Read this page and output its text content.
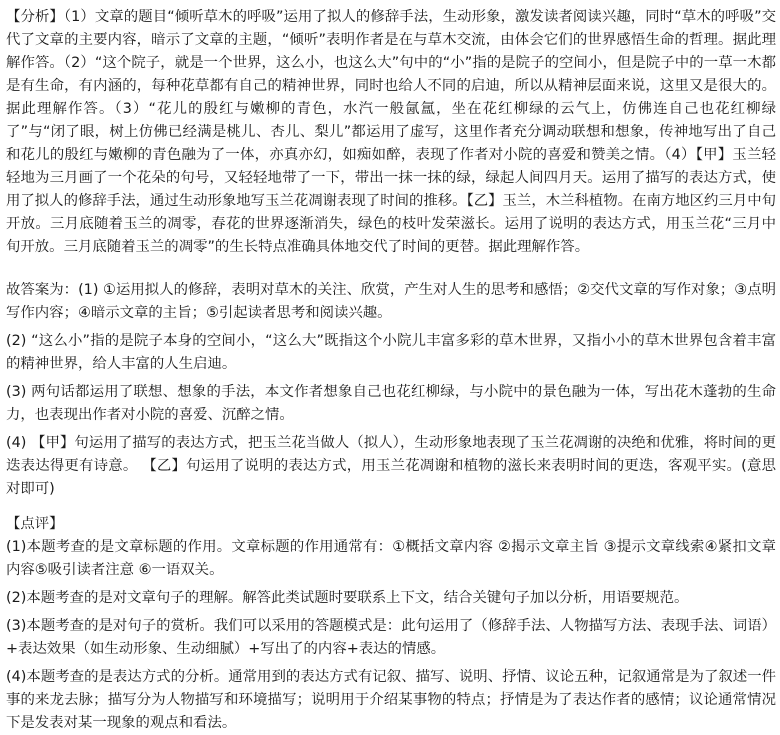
【分析】（1）文章的题目“倾听草木的呼吸”运用了拟人的修辞手法，生动形象，激发读者阅读兴趣，同时“草木的呼吸”交代了文章的主要内容，暗示了文章的主题，“倾听”表明作者是在与草木交流，由体会它们的世界感悟生命的哲理。据此理解作答。（2）“这个院子，就是一个世界，这么小，也这么大”句中的“小”指的是院子的空间小，但是院子中的一草一木都是有生命，有内涵的，每种花草都有自己的精神世界，同时也给人不同的启迪，所以从精神层面来说，这里又是很大的。据此理解作答。（3）“花儿的殷红与嫩柳的青色，水汽一般氤氲，坐在花红柳绿的云气上，仿佛连自己也花红柳绿了”与“闭了眼，树上仿佛已经满是桃儿、杏儿、梨儿”都运用了虚写，这里作者充分调动联想和想象，传神地写出了自己和花儿的殷红与嫩柳的青色融为了一体，亦真亦幻，如痴如醉，表现了作者对小院的喜爱和赞美之情。（4）【甲】玉兰轻轻地为三月画了一个花朵的句号，又轻轻地带了一下，带出一抹一抹的绿，绿起人间四月天。运用了描写的表达方式，使用了拟人的修辞手法，通过生动形象地写玉兰花凋谢表现了时间的推移。【乙】玉兰，木兰科植物。在南方地区约三月中旬开放。三月底随着玉兰的凋零，春花的世界逐渐消失，绿色的枝叶发荣滋长。运用了说明的表达方式，用玉兰花“三月中旬开放。三月底随着玉兰的凋零”的生长特点准确具体地交代了时间的更替。据此理解作答。

故答案为：(1) ①运用拟人的修辞，表明对草木的关注、欣赏，产生对人生的思考和感悟；②交代文章的写作对象；③点明写作内容；④暗示文章的主旨；⑤引起读者思考和阅读兴趣。

(2) “这么小”指的是院子本身的空间小，“这么大”既指这个小院儿丰富多彩的草木世界，又指小小的草木世界包含着丰富的精神世界，给人丰富的人生启迪。

(3) 两句话都运用了联想、想象的手法，本文作者想象自己也花红柳绿，与小院中的景色融为一体，写出花木蓬勃的生命力，也表现出作者对小院的喜爱、沉醉之情。

(4) 【甲】句运用了描写的表达方式，把玉兰花当做人（拟人），生动形象地表现了玉兰花凋谢的决绝和优雅，将时间的更迭表达得更有诗意。 【乙】句运用了说明的表达方式，用玉兰花凋谢和植物的滋长来表明时间的更迭，客观平实。(意思对即可)

【点评】

(1)本题考查的是文章标题的作用。文章标题的作用通常有：①概括文章内容 ②揭示文章主旨 ③提示文章线索④紧扣文章内容⑤吸引读者注意 ⑥一语双关。

(2)本题考查的是对文章句子的理解。解答此类试题时要联系上下文，结合关键句子加以分析，用语要规范。

(3)本题考查的是对句子的赏析。我们可以采用的答题模式是：此句运用了（修辞手法、人物描写方法、表现手法、词语）+表达效果（如生动形象、生动细腻）+写出了的内容+表达的情感。

(4)本题考查的是表达方式的分析。通常用到的表达方式有记叙、描写、说明、抒情、议论五种，记叙通常是为了叙述一件事的来龙去脉；描写分为人物描写和环境描写；说明用于介绍某事物的特点；抒情是为了表达作者的感情；议论通常情况下是发表对某一现象的观点和看法。
